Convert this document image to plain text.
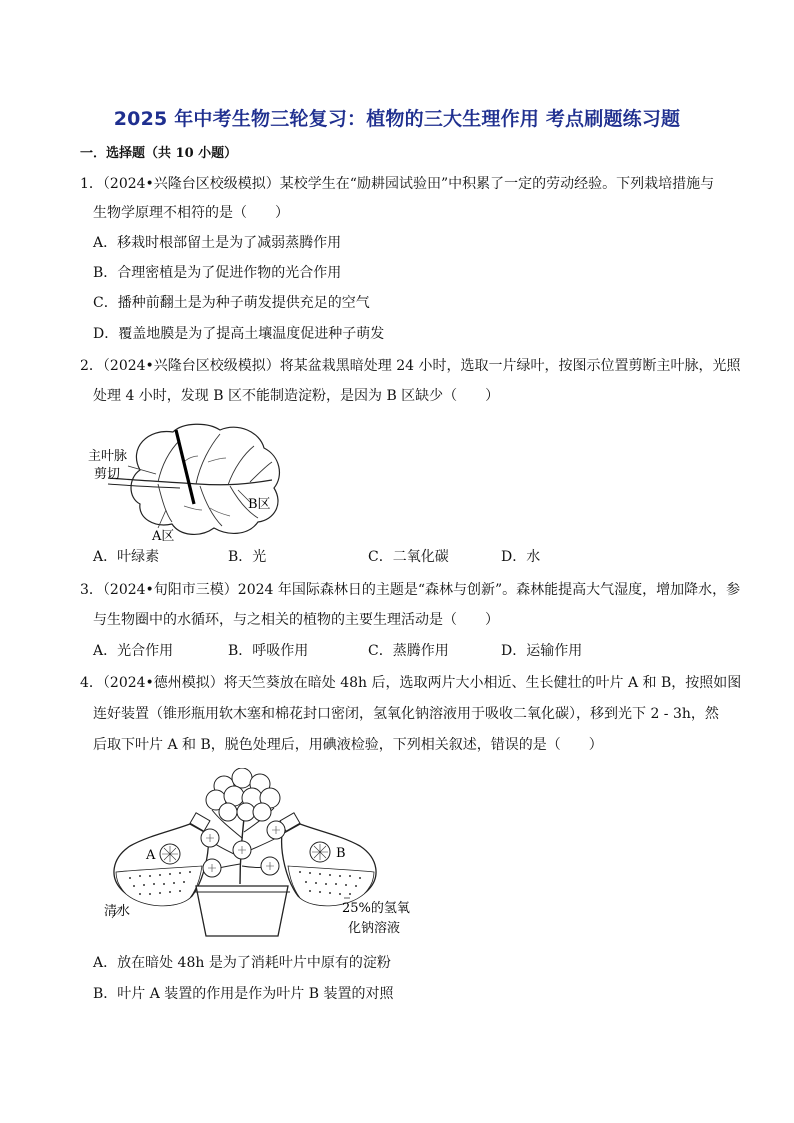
2025 年中考生物三轮复习：植物的三大生理作用 考点刷题练习题
一．选择题（共 10 小题）
1．（2024•兴隆台区校级模拟）某校学生在“励耕园试验田”中积累了一定的劳动经验。下列栽培措施与
生物学原理不相符的是（　　）
A．移栽时根部留土是为了减弱蒸腾作用
B．合理密植是为了促进作物的光合作用
C．播种前翻土是为种子萌发提供充足的空气
D．覆盖地膜是为了提高土壤温度促进种子萌发
2．（2024•兴隆台区校级模拟）将某盆栽黑暗处理 24 小时，选取一片绿叶，按图示位置剪断主叶脉，光照
处理 4 小时，发现 B 区不能制造淀粉，是因为 B 区缺少（　　）
主叶脉
剪切
B区
A区
A．叶绿素	B．光	C．二氧化碳	D．水
3．（2024•旬阳市三模）2024 年国际森林日的主题是“森林与创新”。森林能提高大气湿度，增加降水，参
与生物圈中的水循环，与之相关的植物的主要生理活动是（　　）
A．光合作用	B．呼吸作用	C．蒸腾作用	D．运输作用
4．（2024•德州模拟）将天竺葵放在暗处 48h 后，选取两片大小相近、生长健壮的叶片 A 和 B，按照如图
连好装置（锥形瓶用软木塞和棉花封口密闭，氢氧化钠溶液用于吸收二氧化碳），移到光下 2 - 3h，然
后取下叶片 A 和 B，脱色处理后，用碘液检验，下列相关叙述，错误的是（　　）
A	B
清水	25%的氢氧
化钠溶液
A．放在暗处 48h 是为了消耗叶片中原有的淀粉
B．叶片 A 装置的作用是作为叶片 B 装置的对照
